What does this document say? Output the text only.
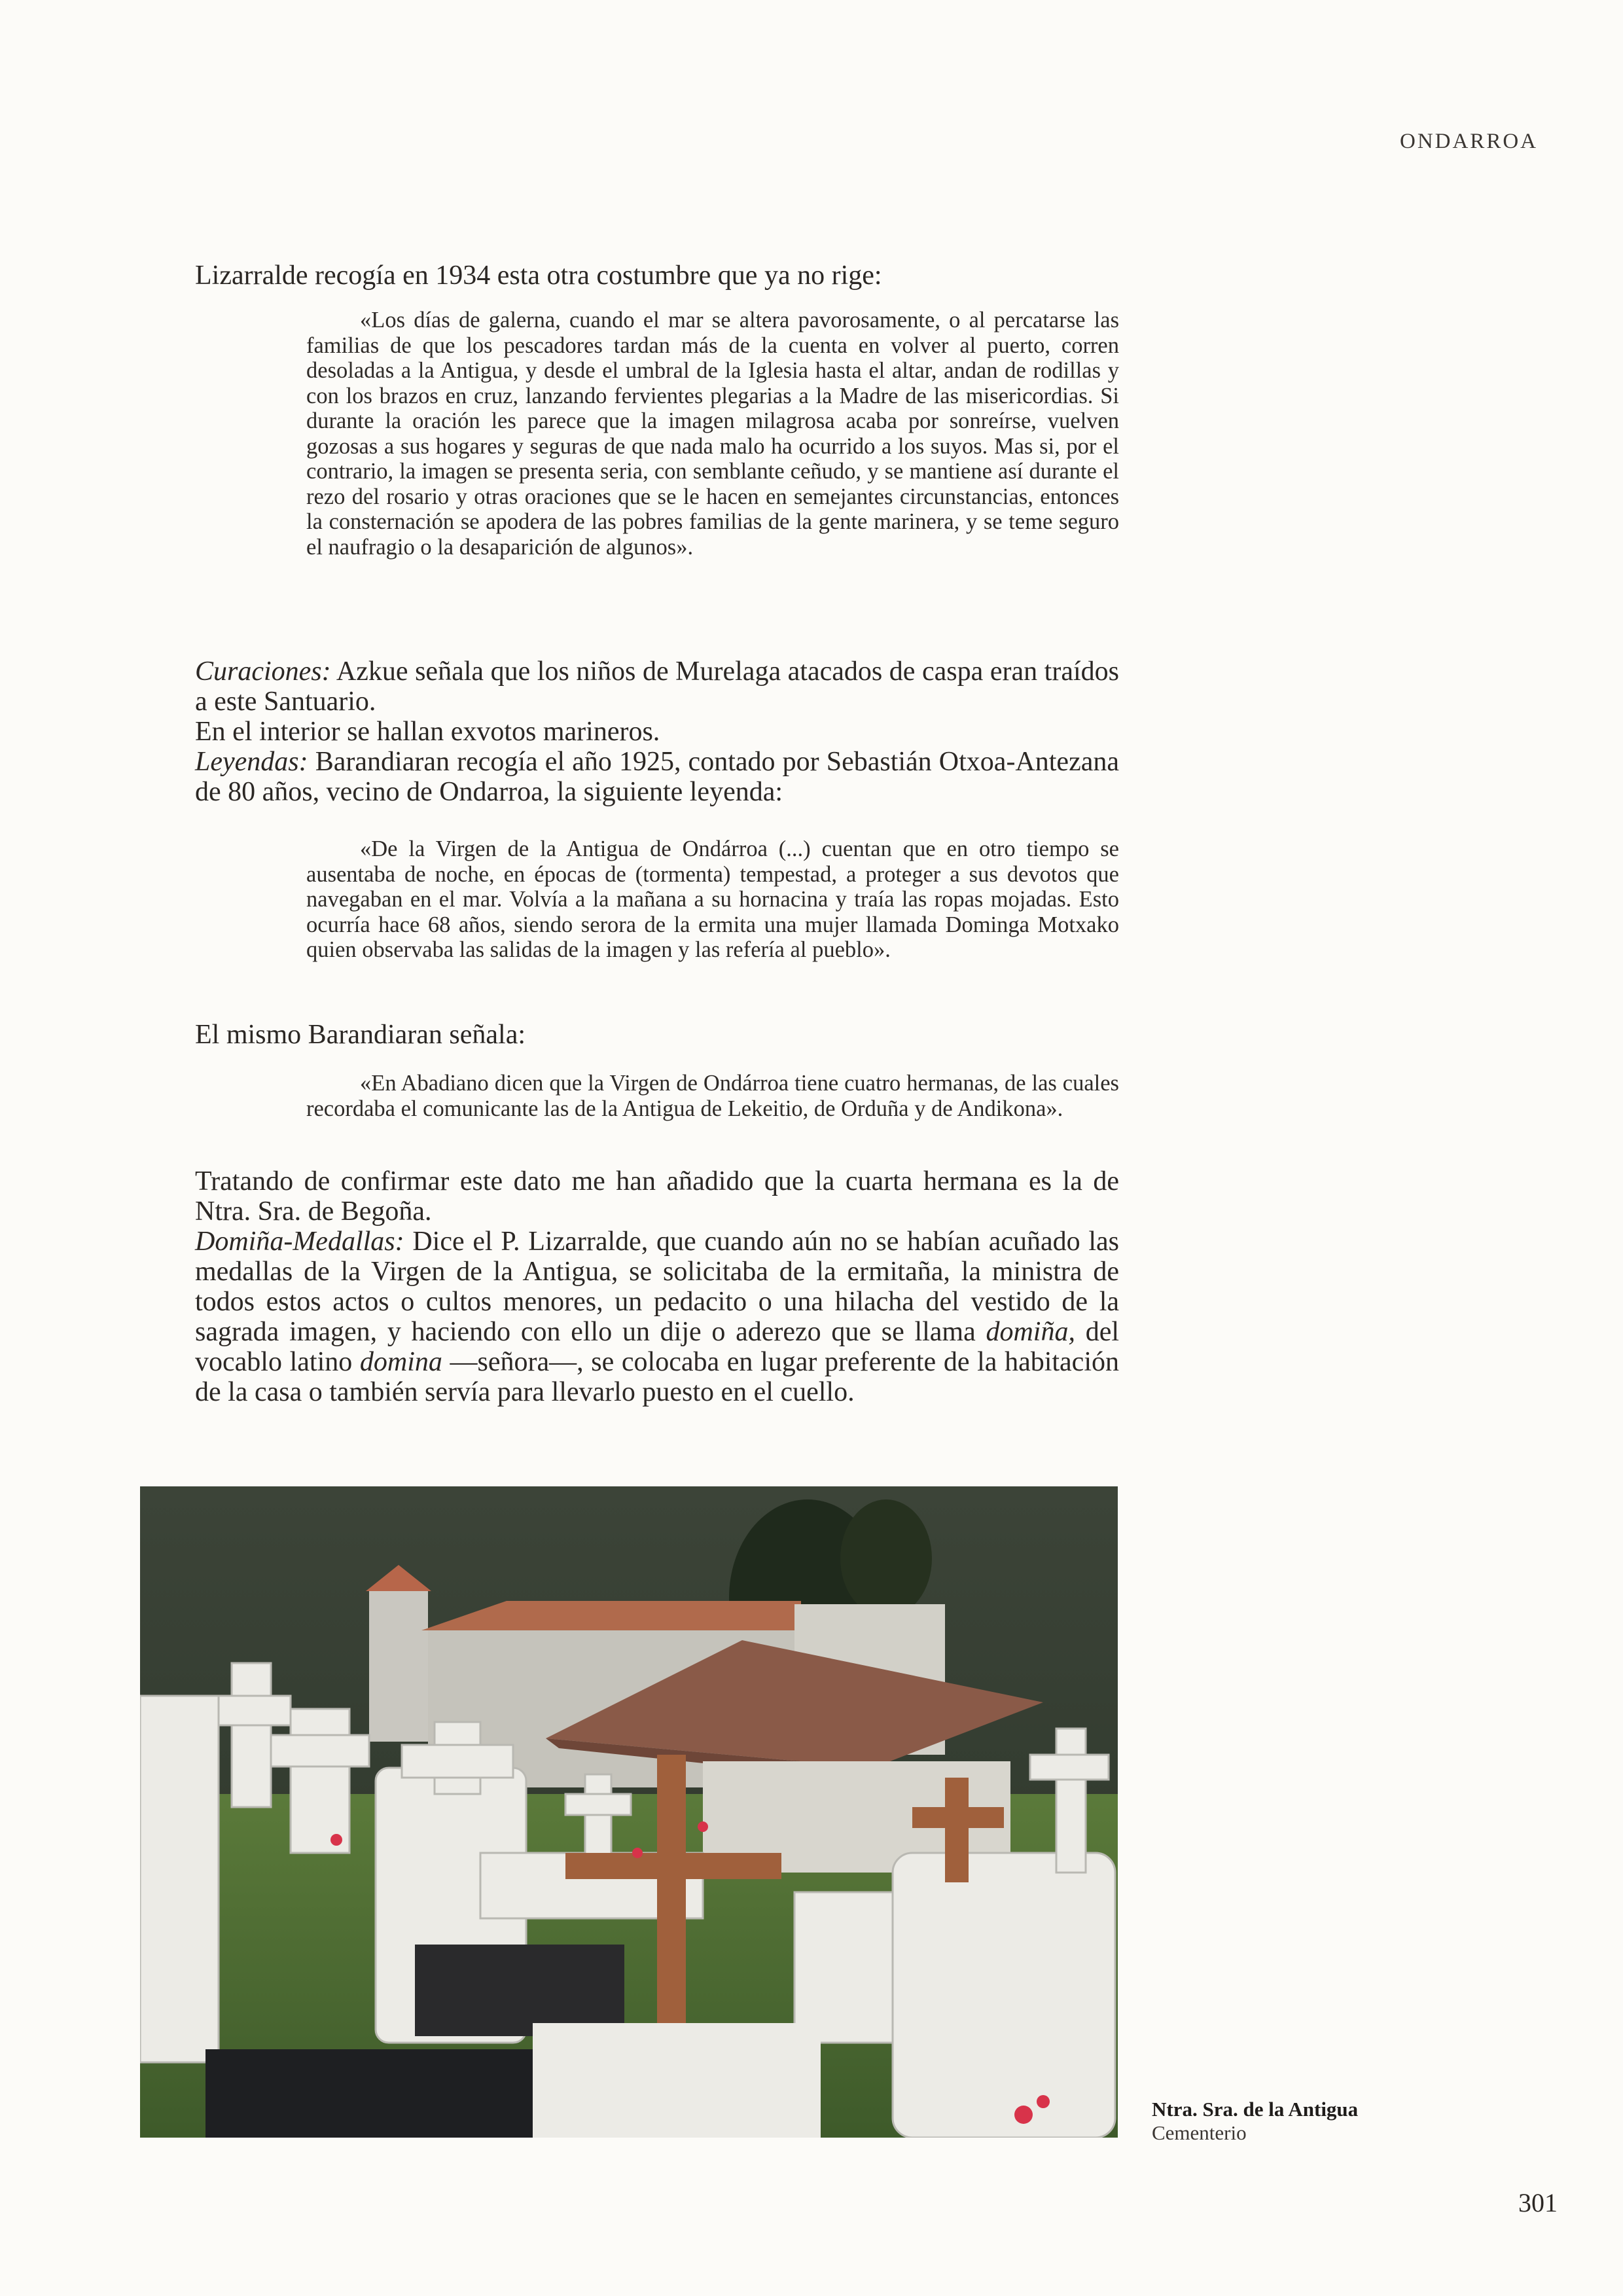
ONDARROA

Lizarralde recogía en 1934 esta otra costumbre que ya no rige:

«Los días de galerna, cuando el mar se altera pavorosamente, o al percatarse las familias de que los pescadores tardan más de la cuenta en volver al puerto, corren desoladas a la Antigua, y desde el umbral de la Iglesia hasta el altar, andan de rodillas y con los brazos en cruz, lanzando fervientes plegarias a la Madre de las misericordias. Si durante la oración les parece que la imagen milagrosa acaba por sonreírse, vuelven gozosas a sus hogares y seguras de que nada malo ha ocurrido a los suyos. Mas si, por el contrario, la imagen se presenta seria, con semblante ceñudo, y se mantiene así durante el rezo del rosario y otras oraciones que se le hacen en semejantes circunstancias, entonces la consternación se apodera de las pobres familias de la gente marinera, y se teme seguro el naufragio o la desaparición de algunos».

Curaciones: Azkue señala que los niños de Murelaga atacados de caspa eran traídos a este Santuario.

En el interior se hallan exvotos marineros.

Leyendas: Barandiaran recogía el año 1925, contado por Sebastián Otxoa-Antezana de 80 años, vecino de Ondarroa, la siguiente leyenda:

«De la Virgen de la Antigua de Ondárroa (...) cuentan que en otro tiempo se ausentaba de noche, en épocas de (tormenta) tempestad, a proteger a sus devotos que navegaban en el mar. Volvía a la mañana a su hornacina y traía las ropas mojadas. Esto ocurría hace 68 años, siendo serora de la ermita una mujer llamada Dominga Motxako quien observaba las salidas de la imagen y las refería al pueblo».

El mismo Barandiaran señala:

«En Abadiano dicen que la Virgen de Ondárroa tiene cuatro hermanas, de las cuales recordaba el comunicante las de la Antigua de Lekeitio, de Orduña y de Andikona».

Tratando de confirmar este dato me han añadido que la cuarta hermana es la de Ntra. Sra. de Begoña.

Domiña-Medallas: Dice el P. Lizarralde, que cuando aún no se habían acuñado las medallas de la Virgen de la Antigua, se solicitaba de la ermitaña, la ministra de todos estos actos o cultos menores, un pedacito o una hilacha del vestido de la sagrada imagen, y haciendo con ello un dije o aderezo que se llama domiña, del vocablo latino domina —señora—, se colocaba en lugar preferente de la habitación de la casa o también servía para llevarlo puesto en el cuello.

Ntra. Sra. de la Antigua
Cementerio
301
